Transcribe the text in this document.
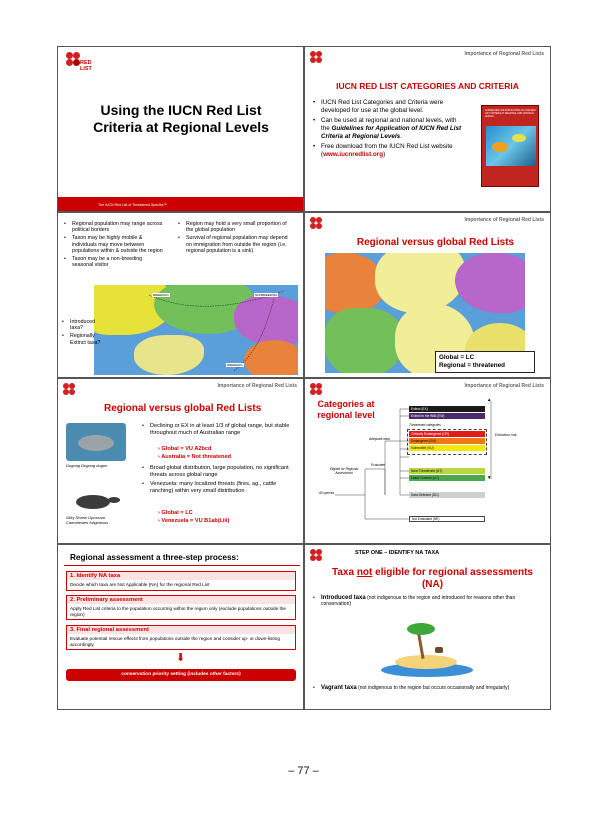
RED
LIST
Using the IUCN Red List Criteria at Regional Levels
The IUCN Red List of Threatened Species™
Importance of Regional Red Lists
IUCN RED LIST CATEGORIES AND CRITERIA
• IUCN Red List Categories and Criteria were developed for use at the global level.
• Can be used at regional and national levels, with the Guidelines for Application of IUCN Red List Criteria at Regional Levels.
• Free download from the IUCN Red List website (www.iucnredlist.org)
GUIDELINES FOR APPLICATION OF IUCN RED LIST CRITERIA AT REGIONAL AND NATIONAL LEVELS
• Regional population may range across political borders
• Taxon may be highly mobile & individuals may move between populations within & outside the region
• Taxon may be a non-breeding seasonal visitor
• Region may hold a very small proportion of the global population
• Survival of regional population may depend on immigration from outside the region (i.e. regional population is a sink)
BREEDING	NONBREEDING
BREEDING
• Introduced taxa?
• Regionally Extinct taxa?
Importance of Regional Red Lists
Regional versus global Red Lists
Global = LC
Regional = threatened
Importance of Regional Red Lists
Regional versus global Red Lists
Dugong Dugong dugon
Silky Shrew Opossum Caenolestes fuliginosus
• Declining or EX in at least 1/3 of global range, but stable throughout much of Australian range
› Global = VU A2bcd
› Australia = Not threatened
• Broad global distribution, large population, no significant threats across global range
• Venezuela: many localized threats (fires, ag., cattle ranching) within very small distribution
› Global = LC
› Venezuela = VU B1ab(i,iii)
Importance of Regional Red Lists
Categories at regional level
▲
▼
Extinction risk
Extinct (EX)
Extinct in the Wild (EW)
Threatened categories
Critically Endangered (CR)
Endangered (EN)
Vulnerable (VU)
Near Threatened (NT)
Least Concern (LC)
Data Deficient (DD)
Not Evaluated (NE)
Adequate data
Evaluated
Eligible for Regional Assessment
All species
Regional assessment a three-step process:
1. Identify NA taxa
Decide which taxa are Not Applicable (NA) for the regional Red List
2. Preliminary assessment
Apply Red List criteria to the population occurring within the region only (exclude populations outside the region)
3. Final regional assessment
Evaluate potential rescue effects from populations outside the region and consider up- or down-listing accordingly.
⬇
conservation priority setting (includes other factors)
STEP ONE – IDENTIFY NA TAXA
Taxa not eligible for regional assessments (NA)
• Introduced taxa (not indigenous to the region and introduced for reasons other than conservation)
• Vagrant taxa (not indigenous to the region but occurs occasionally and irregularly)
– 77 –
